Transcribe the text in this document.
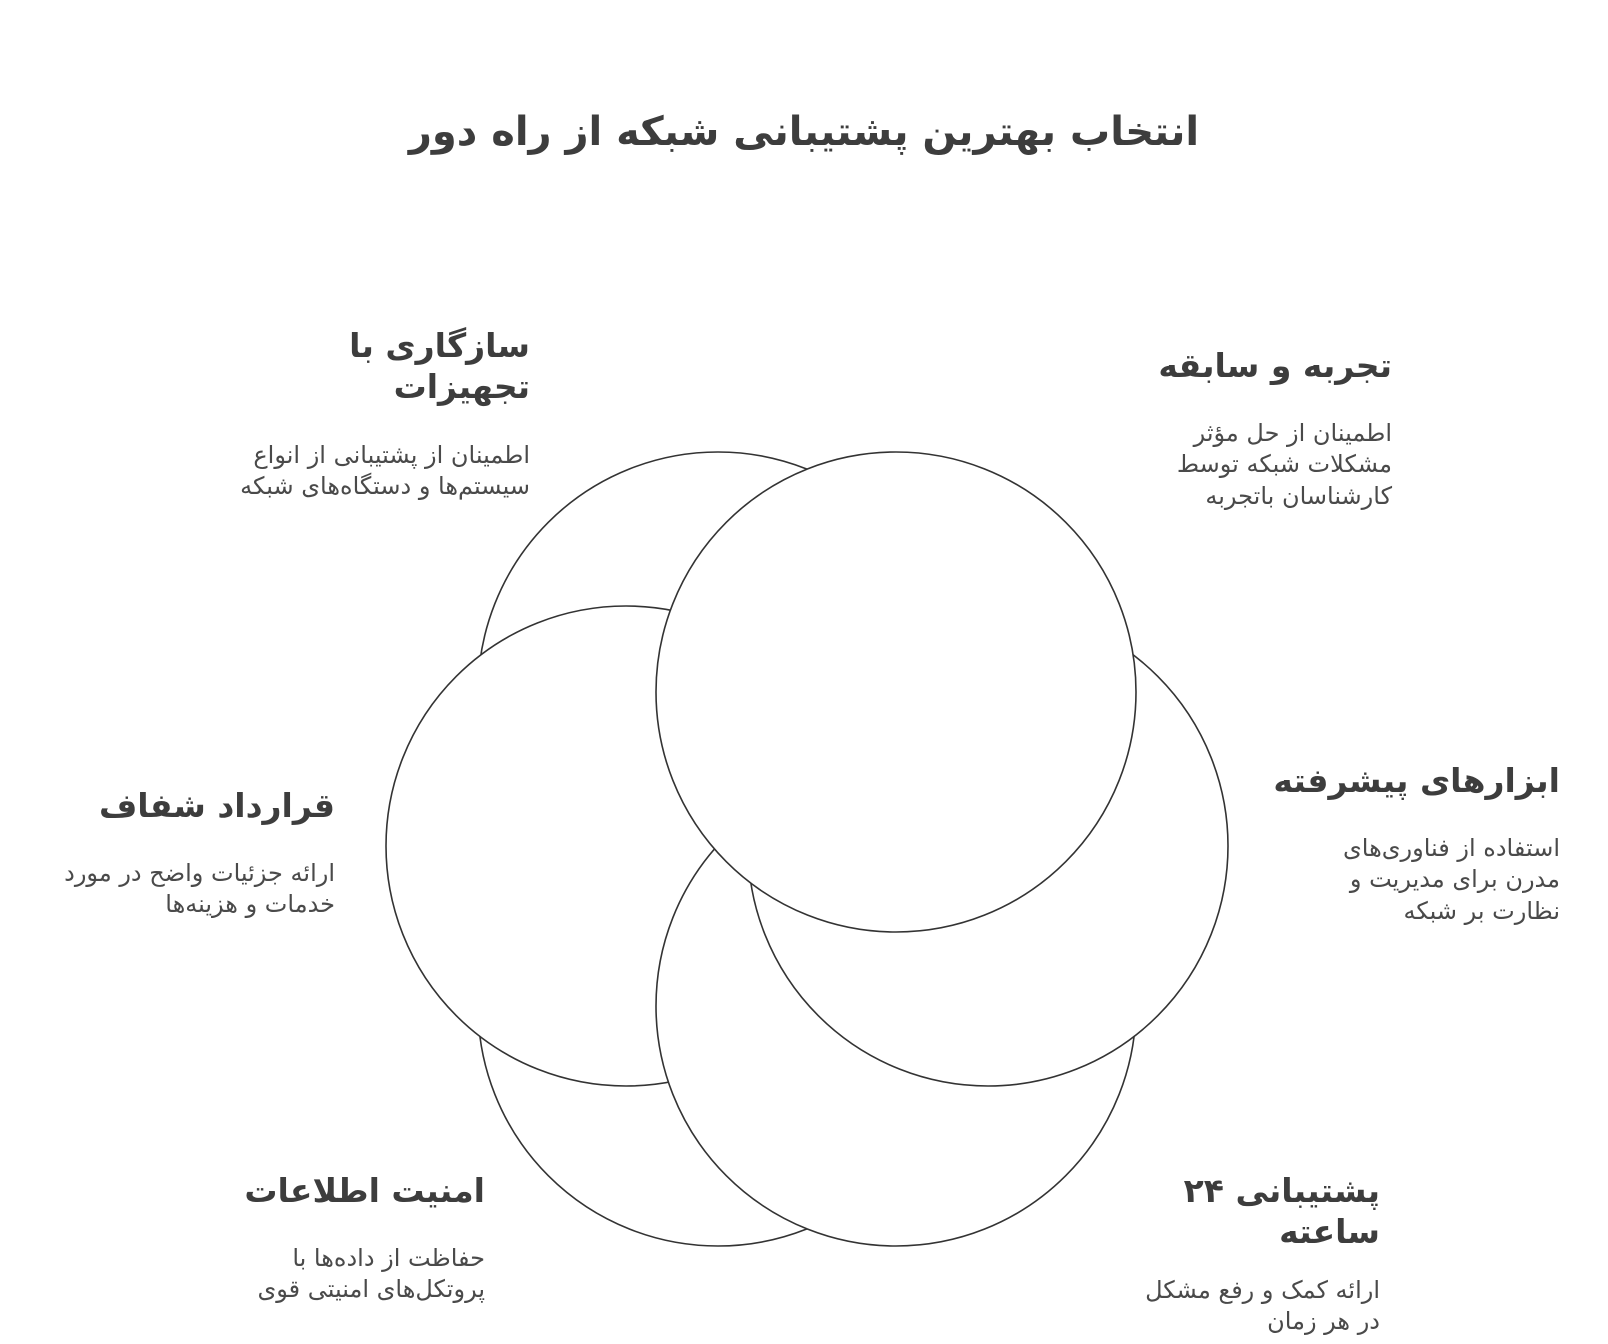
انتخاب بهترین پشتیبانی شبکه از راه دور

تجربه و سابقه

اطمینان از حل مؤثر مشکلات شبکه توسط کارشناسان باتجربه

ابزارهای پیشرفته

استفاده از فناوری‌های مدرن برای مدیریت و نظارت بر شبکه

پشتیبانی ۲۴ ساعته

ارائه کمک و رفع مشکل در هر زمان

امنیت اطلاعات

حفاظت از داده‌ها با پروتکل‌های امنیتی قوی

قرارداد شفاف

ارائه جزئیات واضح در مورد خدمات و هزینه‌ها

سازگاری با تجهیزات

اطمینان از پشتیبانی از انواع سیستم‌ها و دستگاه‌های شبکه
